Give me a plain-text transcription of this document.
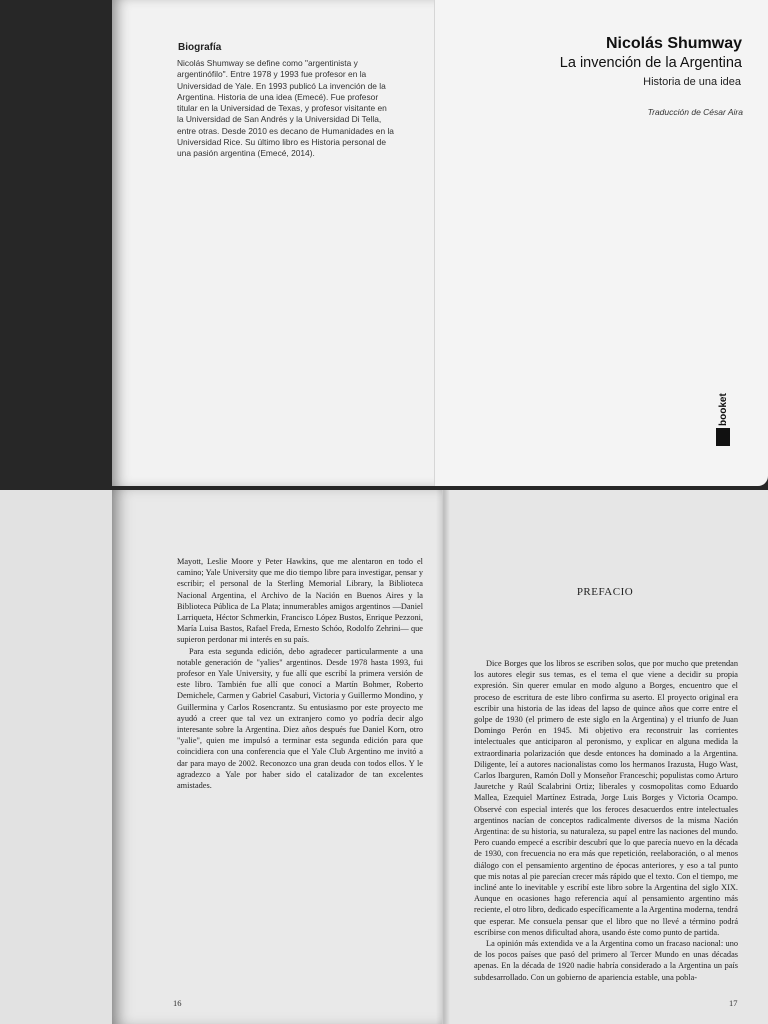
Biografía

Nicolás Shumway se define como "argentinista y argentinófilo". Entre 1978 y 1993 fue profesor en la Universidad de Yale. En 1993 publicó La invención de la Argentina. Historia de una idea (Emecé). Fue profesor titular en la Universidad de Texas, y profesor visitante en la Universidad de San Andrés y la Universidad Di Tella, entre otras. Desde 2010 es decano de Humanidades en la Universidad Rice. Su último libro es Historia personal de una pasión argentina (Emecé, 2014).

Nicolás Shumway
La invención de la Argentina
Historia de una idea
Traducción de César Aira
booket

Mayott, Leslie Moore y Peter Hawkins, que me alentaron en todo el camino; Yale University que me dio tiempo libre para investigar, pensar y escribir; el personal de la Sterling Memorial Library, la Biblioteca Nacional Argentina, el Archivo de la Nación en Buenos Aires y la Biblioteca Pública de La Plata; innumerables amigos argentinos —Daniel Larriqueta, Héctor Schmerkin, Francisco López Bustos, Enrique Pezzoni, María Luisa Bastos, Rafael Freda, Ernesto Schóo, Rodolfo Zehrini— que supieron perdonar mi interés en su país.

Para esta segunda edición, debo agradecer particularmente a una notable generación de "yalies" argentinos. Desde 1978 hasta 1993, fui profesor en Yale University, y fue allí que escribí la primera versión de este libro. También fue allí que conocí a Martín Bohmer, Roberto Demichele, Carmen y Gabriel Casaburi, Victoria y Guillermo Mondino, y Guillermina y Carlos Rosencrantz. Su entusiasmo por este proyecto me ayudó a creer que tal vez un extranjero como yo podría decir algo interesante sobre la Argentina. Diez años después fue Daniel Korn, otro "yalie", quien me impulsó a terminar esta segunda edición para que coincidiera con una conferencia que el Yale Club Argentino me invitó a dar para mayo de 2002. Reconozco una gran deuda con todos ellos. Y le agradezco a Yale por haber sido el catalizador de tan excelentes amistades.

16
PREFACIO

Dice Borges que los libros se escriben solos, que por mucho que pretendan los autores elegir sus temas, es el tema el que viene a decidir su propia expresión. Sin querer emular en modo alguno a Borges, encuentro que el proceso de escritura de este libro confirma su aserto. El proyecto original era escribir una historia de las ideas del lapso de quince años que corre entre el golpe de 1930 (el primero de este siglo en la Argentina) y el triunfo de Juan Domingo Perón en 1945. Mi objetivo era reconstruir las corrientes intelectuales que anticiparon al peronismo, y explicar en alguna medida la extraordinaria polarización que desde entonces ha dominado a la Argentina. Diligente, leí a autores nacionalistas como los hermanos Irazusta, Hugo Wast, Carlos Ibarguren, Ramón Doll y Monseñor Franceschi; populistas como Arturo Jauretche y Raúl Scalabrini Ortiz; liberales y cosmopolitas como Eduardo Mallea, Ezequiel Martínez Estrada, Jorge Luis Borges y Victoria Ocampo. Observé con especial interés que los feroces desacuerdos entre intelectuales argentinos nacían de conceptos radicalmente diversos de la misma Nación Argentina: de su historia, su naturaleza, su papel entre las naciones del mundo. Pero cuando empecé a escribir descubrí que lo que parecía nuevo en la década de 1930, con frecuencia no era más que repetición, reelaboración, o al menos diálogo con el pensamiento argentino de épocas anteriores, y eso a tal punto que mis notas al pie parecían crecer más rápido que el texto. Con el tiempo, me incliné ante lo inevitable y escribí este libro sobre la Argentina del siglo XIX. Aunque en ocasiones hago referencia aquí al pensamiento argentino más reciente, el otro libro, dedicado específicamente a la Argentina moderna, tendrá que esperar. Me consuela pensar que el libro que no llevé a término podrá escribirse con menos dificultad ahora, usando éste como punto de partida.

La opinión más extendida ve a la Argentina como un fracaso nacional: uno de los pocos países que pasó del primero al Tercer Mundo en unas décadas apenas. En la década de 1920 nadie habría considerado a la Argentina un país subdesarrollado. Con un gobierno de apariencia estable, una pobla-

17
